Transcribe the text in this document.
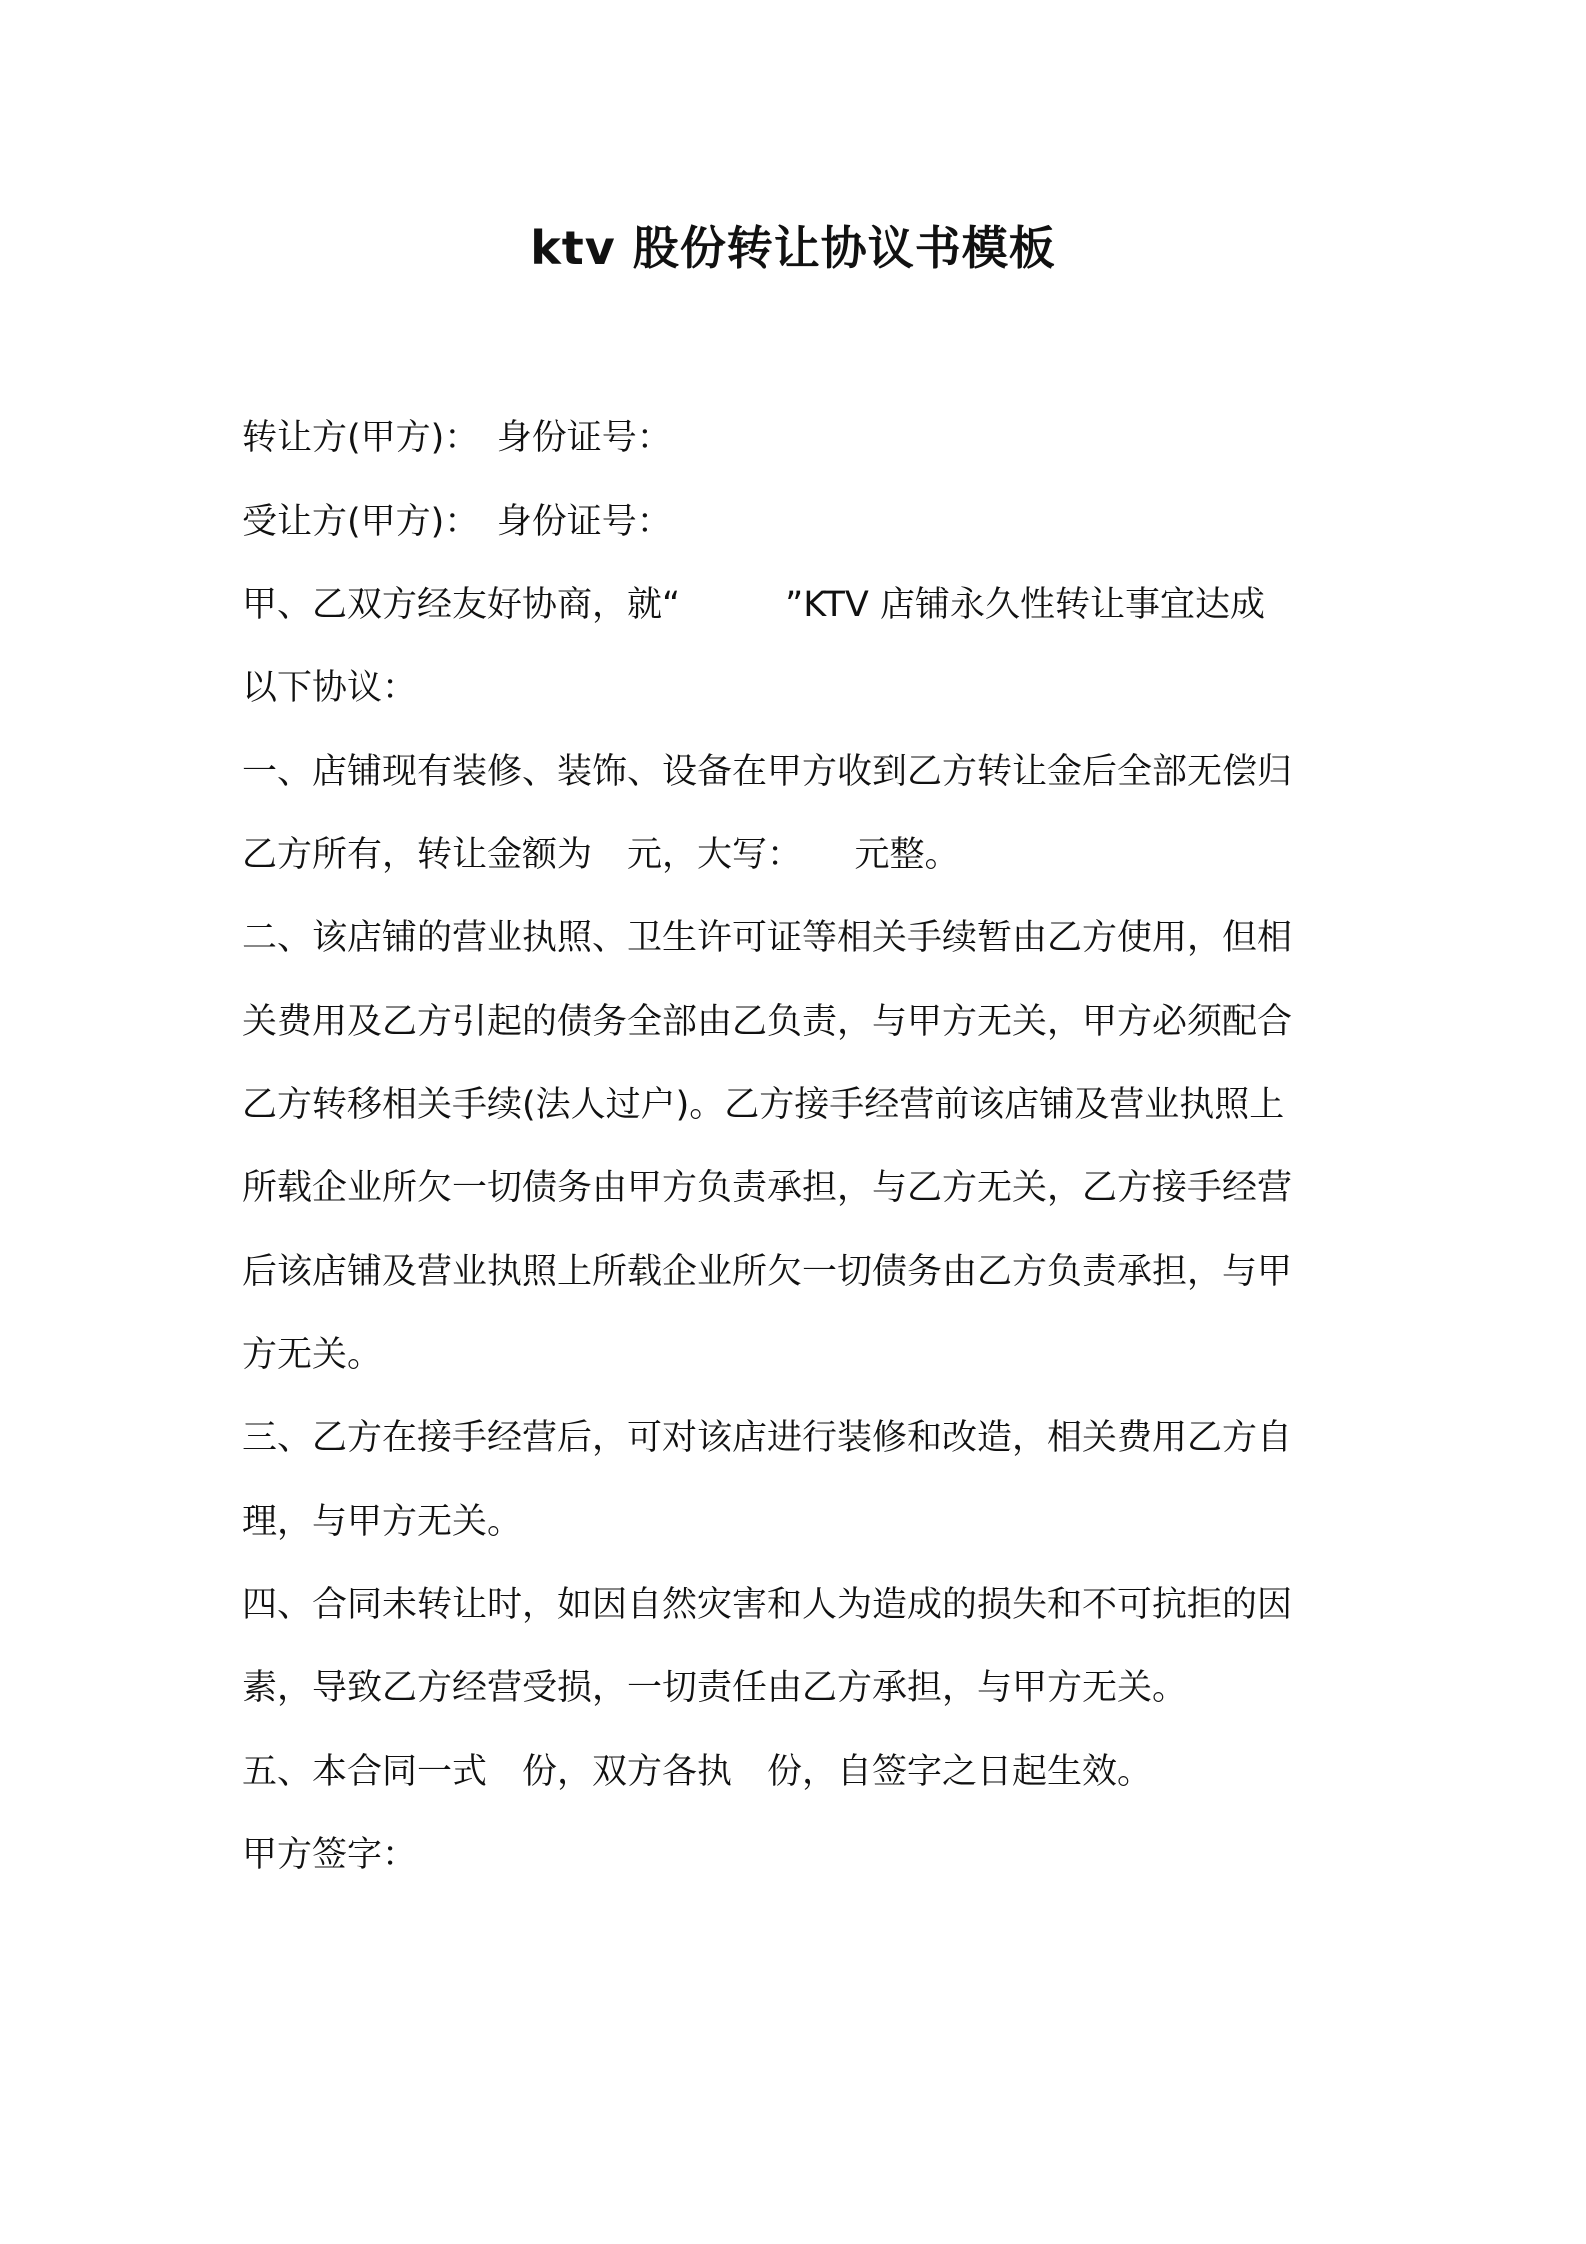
ktv 股份转让协议书模板
转让方(甲方)：　身份证号：
受让方(甲方)：　身份证号：
甲、乙双方经友好协商，就“　　　”KTV 店铺永久性转让事宜达成
以下协议：
一、店铺现有装修、装饰、设备在甲方收到乙方转让金后全部无偿归
乙方所有，转让金额为　元，大写：　　元整。
二、该店铺的营业执照、卫生许可证等相关手续暂由乙方使用，但相
关费用及乙方引起的债务全部由乙负责，与甲方无关，甲方必须配合
乙方转移相关手续(法人过户)。乙方接手经营前该店铺及营业执照上
所载企业所欠一切债务由甲方负责承担，与乙方无关，乙方接手经营
后该店铺及营业执照上所载企业所欠一切债务由乙方负责承担，与甲
方无关。
三、乙方在接手经营后，可对该店进行装修和改造，相关费用乙方自
理，与甲方无关。
四、合同未转让时，如因自然灾害和人为造成的损失和不可抗拒的因
素，导致乙方经营受损，一切责任由乙方承担，与甲方无关。
五、本合同一式　份，双方各执　份，自签字之日起生效。
甲方签字：
